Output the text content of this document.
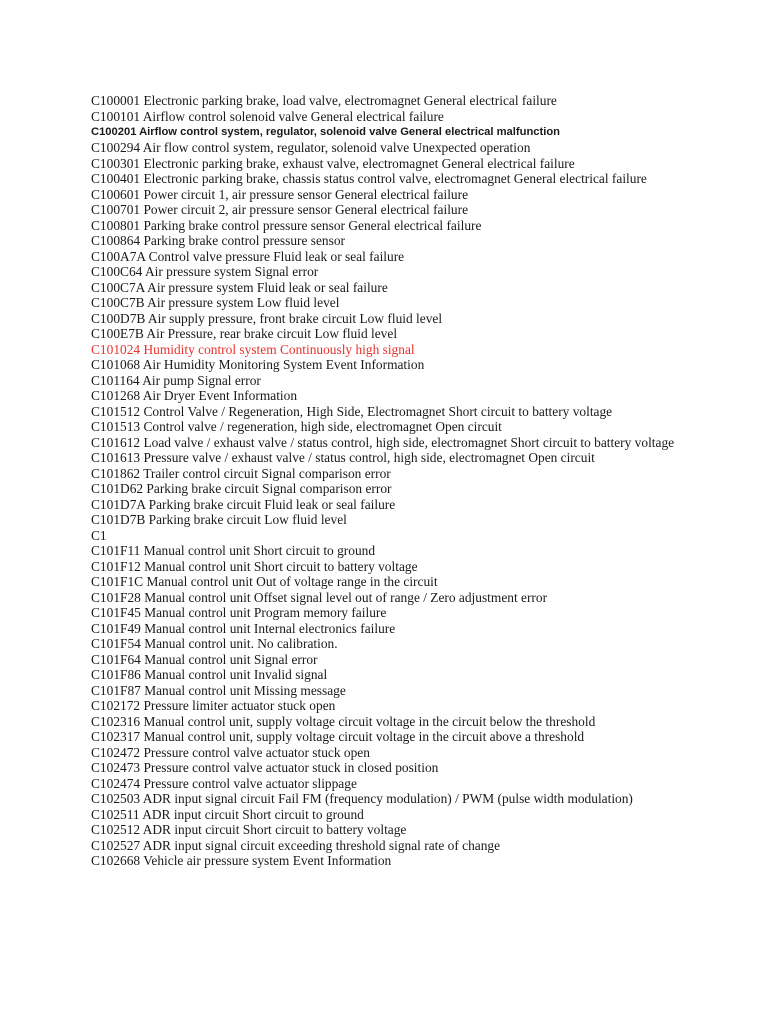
C100001 Electronic parking brake, load valve, electromagnet General electrical failure

C100101 Airflow control solenoid valve General electrical failure

C100201 Airflow control system, regulator, solenoid valve General electrical malfunction

C100294 Air flow control system, regulator, solenoid valve Unexpected operation

C100301 Electronic parking brake, exhaust valve, electromagnet General electrical failure

C100401 Electronic parking brake, chassis status control valve, electromagnet General electrical failure

C100601 Power circuit 1, air pressure sensor General electrical failure

C100701 Power circuit 2, air pressure sensor General electrical failure

C100801 Parking brake control pressure sensor General electrical failure

C100864 Parking brake control pressure sensor

C100A7A Control valve pressure Fluid leak or seal failure

C100C64 Air pressure system Signal error

C100C7A Air pressure system Fluid leak or seal failure

C100C7B Air pressure system Low fluid level

C100D7B Air supply pressure, front brake circuit Low fluid level

C100E7B Air Pressure, rear brake circuit Low fluid level

C101024 Humidity control system Continuously high signal

C101068 Air Humidity Monitoring System Event Information

C101164 Air pump Signal error

C101268 Air Dryer Event Information

C101512 Control Valve / Regeneration, High Side, Electromagnet Short circuit to battery voltage

C101513 Control valve / regeneration, high side, electromagnet Open circuit

C101612 Load valve / exhaust valve / status control, high side, electromagnet Short circuit to battery voltage

C101613 Pressure valve / exhaust valve / status control, high side, electromagnet Open circuit

C101862 Trailer control circuit Signal comparison error

C101D62 Parking brake circuit Signal comparison error

C101D7A Parking brake circuit Fluid leak or seal failure

C101D7B Parking brake circuit Low fluid level

C1

C101F11 Manual control unit Short circuit to ground

C101F12 Manual control unit Short circuit to battery voltage

C101F1C Manual control unit Out of voltage range in the circuit

C101F28 Manual control unit Offset signal level out of range / Zero adjustment error

C101F45 Manual control unit Program memory failure

C101F49 Manual control unit Internal electronics failure

C101F54 Manual control unit. No calibration.

C101F64 Manual control unit Signal error

C101F86 Manual control unit Invalid signal

C101F87 Manual control unit Missing message

C102172 Pressure limiter actuator stuck open

C102316 Manual control unit, supply voltage circuit voltage in the circuit below the threshold

C102317 Manual control unit, supply voltage circuit voltage in the circuit above a threshold

C102472 Pressure control valve actuator stuck open

C102473 Pressure control valve actuator stuck in closed position

C102474 Pressure control valve actuator slippage

C102503 ADR input signal circuit Fail FM (frequency modulation) / PWM (pulse width modulation)

C102511 ADR input circuit Short circuit to ground

C102512 ADR input circuit Short circuit to battery voltage

C102527 ADR input signal circuit exceeding threshold signal rate of change

C102668 Vehicle air pressure system Event Information
